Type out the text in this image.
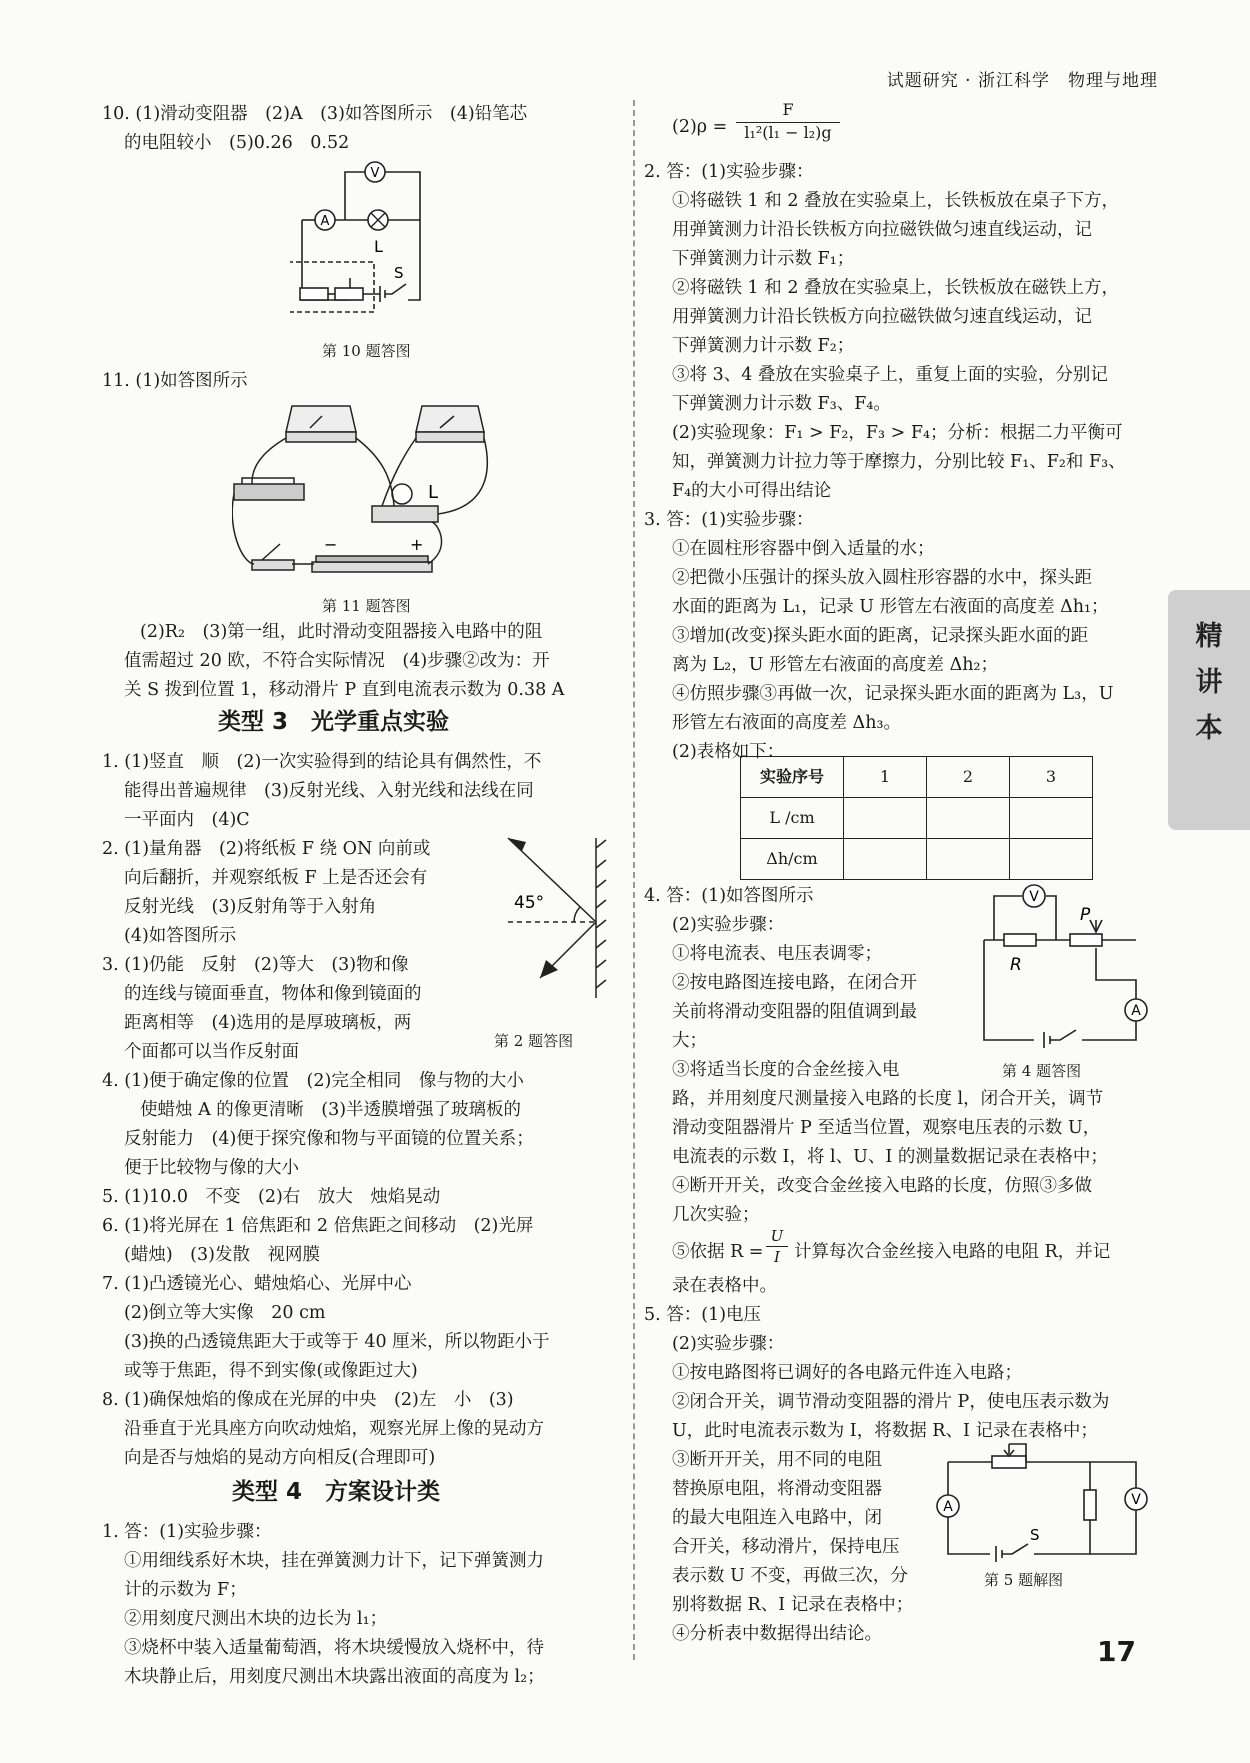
试题研究 · 浙江科学　物理与地理
精
讲
本
17
10. (1)滑动变阻器　(2)A　(3)如答图所示　(4)铅笔芯
的电阻较小　(5)0.26　0.52
A
V
L
S
第 10 题答图
11. (1)如答图所示
L
−	+
第 11 题答图
(2)R₂　(3)第一组，此时滑动变阻器接入电路中的阻
值需超过 20 欧，不符合实际情况　(4)步骤②改为：开
关 S 拨到位置 1，移动滑片 P 直到电流表示数为 0.38 A
类型 3　光学重点实验
1. (1)竖直　顺　(2)一次实验得到的结论具有偶然性，不
能得出普遍规律　(3)反射光线、入射光线和法线在同
一平面内　(4)C
2. (1)量角器　(2)将纸板 F 绕 ON 向前或
向后翻折，并观察纸板 F 上是否还会有
反射光线　(3)反射角等于入射角
(4)如答图所示
45°
第 2 题答图
3. (1)仍能　反射　(2)等大　(3)物和像
的连线与镜面垂直，物体和像到镜面的
距离相等　(4)选用的是厚玻璃板，两
个面都可以当作反射面
4. (1)便于确定像的位置　(2)完全相同　像与物的大小
使蜡烛 A 的像更清晰　(3)半透膜增强了玻璃板的
反射能力　(4)便于探究像和物与平面镜的位置关系；
便于比较物与像的大小
5. (1)10.0　不变　(2)右　放大　烛焰晃动
6. (1)将光屏在 1 倍焦距和 2 倍焦距之间移动　(2)光屏
(蜡烛)　(3)发散　视网膜
7. (1)凸透镜光心、蜡烛焰心、光屏中心
(2)倒立等大实像　20 cm
(3)换的凸透镜焦距大于或等于 40 厘米，所以物距小于
或等于焦距，得不到实像(或像距过大)
8. (1)确保烛焰的像成在光屏的中央　(2)左　小　(3)
沿垂直于光具座方向吹动烛焰，观察光屏上像的晃动方
向是否与烛焰的晃动方向相反(合理即可)
类型 4　方案设计类
1. 答：(1)实验步骤：
①用细线系好木块，挂在弹簧测力计下，记下弹簧测力
计的示数为 F；
②用刻度尺测出木块的边长为 l₁；
③烧杯中装入适量葡萄酒，将木块缓慢放入烧杯中，待
木块静止后，用刻度尺测出木块露出液面的高度为 l₂；
$(2)\rho = \frac{F}{\text{l₁²(l₁ − l₂)g}}$
2. 答：(1)实验步骤：
①将磁铁 1 和 2 叠放在实验桌上，长铁板放在桌子下方，
用弹簧测力计沿长铁板方向拉磁铁做匀速直线运动，记
下弹簧测力计示数 F₁；
②将磁铁 1 和 2 叠放在实验桌上，长铁板放在磁铁上方，
用弹簧测力计沿长铁板方向拉磁铁做匀速直线运动，记
下弹簧测力计示数 F₂；
③将 3、4 叠放在实验桌子上，重复上面的实验，分别记
下弹簧测力计示数 F₃、F₄。
(2)实验现象：F₁ > F₂，F₃ > F₄；分析：根据二力平衡可
知，弹簧测力计拉力等于摩擦力，分别比较 F₁、F₂和 F₃、
F₄的大小可得出结论
3. 答：(1)实验步骤：
①在圆柱形容器中倒入适量的水；
②把微小压强计的探头放入圆柱形容器的水中，探头距
水面的距离为 L₁，记录 U 形管左右液面的高度差 Δh₁；
③增加(改变)探头距水面的距离，记录探头距水面的距
离为 L₂，U 形管左右液面的高度差 Δh₂；
④仿照步骤③再做一次，记录探头距水面的距离为 L₃，U
形管左右液面的高度差 Δh₃。
(2)表格如下：
实验序号	1	2	3
L /cm			
Δh/cm			
4. 答：(1)如答图所示
(2)实验步骤：
①将电流表、电压表调零；
②按电路图连接电路，在闭合开
关前将滑动变阻器的阻值调到最
大；
③将适当长度的合金丝接入电
V
A
P
R
第 4 题答图
路，并用刻度尺测量接入电路的长度 l，闭合开关，调节
滑动变阻器滑片 P 至适当位置，观察电压表的示数 U，
电流表的示数 I，将 l、U、I 的测量数据记录在表格中；
④断开开关，改变合金丝接入电路的长度，仿照③多做
几次实验；
⑤依据 $R = \frac{U}{I}$ 计算每次合金丝接入电路的电阻 R，并记
录在表格中。
5. 答：(1)电压
(2)实验步骤：
①按电路图将已调好的各电路元件连入电路；
②闭合开关，调节滑动变阻器的滑片 P，使电压表示数为
U，此时电流表示数为 I，将数据 R、I 记录在表格中；
③断开开关，用不同的电阻
替换原电阻，将滑动变阻器
的最大电阻连入电路中，闭
合开关，移动滑片，保持电压
表示数 U 不变，再做三次，分
别将数据 R、I 记录在表格中；
④分析表中数据得出结论。
A	V
S
第 5 题解图
